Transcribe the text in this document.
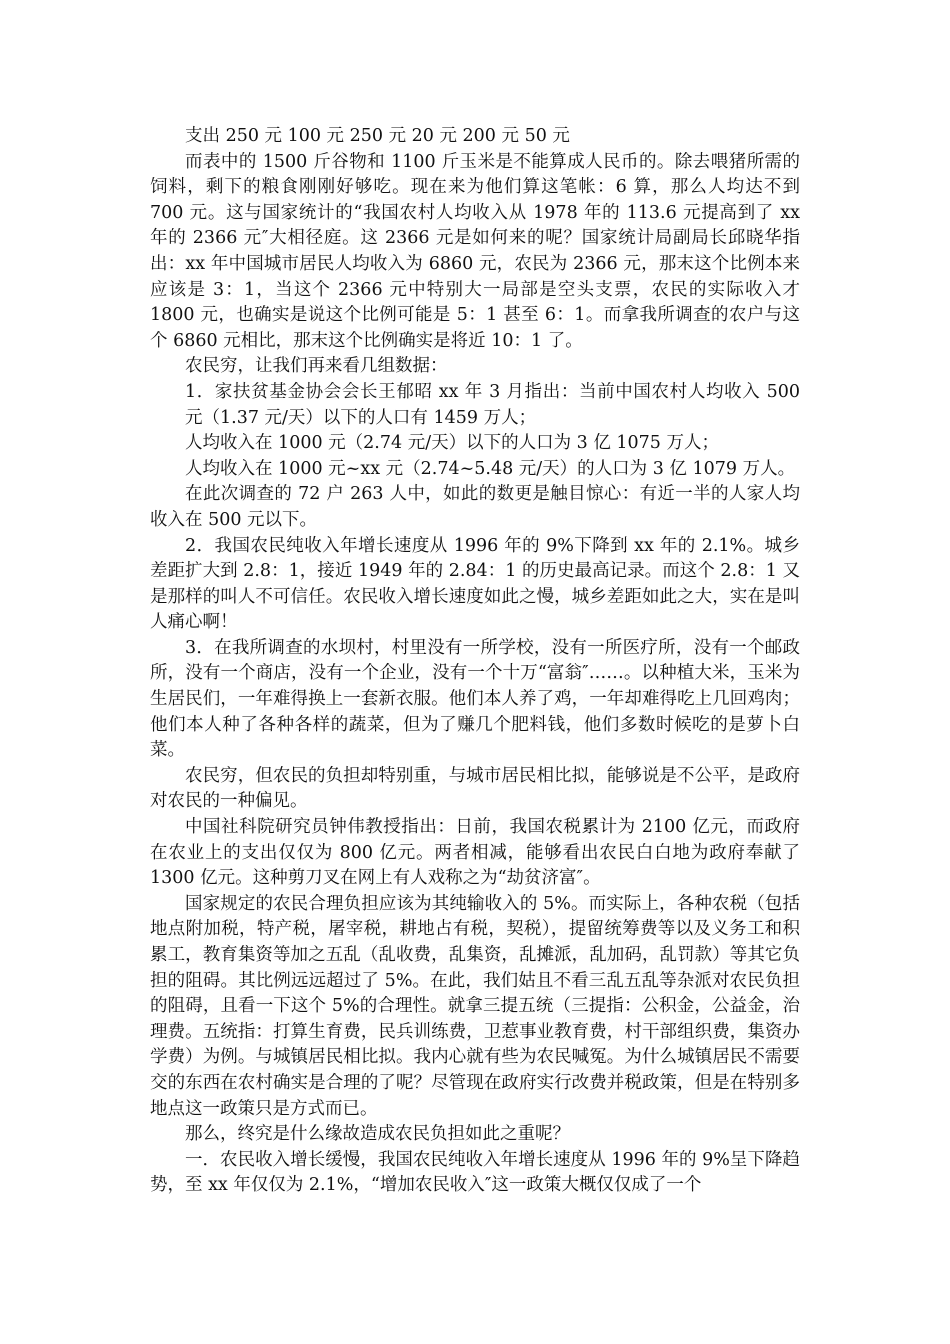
支出 250 元 100 元 250 元 20 元 200 元 50 元

而表中的 1500 斤谷物和 1100 斤玉米是不能算成人民币的。除去喂猪所需的饲料，剩下的粮食刚刚好够吃。现在来为他们算这笔帐：6 算，那么人均达不到 700 元。这与国家统计的“我国农村人均收入从 1978 年的 113.6 元提高到了 xx 年的 2366 元″大相径庭。这 2366 元是如何来的呢？国家统计局副局长邱晓华指出：xx 年中国城市居民人均收入为 6860 元，农民为 2366 元，那末这个比例本来应该是 3：1，当这个 2366 元中特别大一局部是空头支票，农民的实际收入才 1800 元，也确实是说这个比例可能是 5：1 甚至 6：1。而拿我所调查的农户与这个 6860 元相比，那末这个比例确实是将近 10：1 了。

农民穷，让我们再来看几组数据：

1．家扶贫基金协会会长王郁昭 xx 年 3 月指出：当前中国农村人均收入 500 元（1.37 元/天）以下的人口有 1459 万人；

人均收入在 1000 元（2.74 元/天）以下的人口为 3 亿 1075 万人；

人均收入在 1000 元~xx 元（2.74~5.48 元/天）的人口为 3 亿 1079 万人。

在此次调查的 72 户 263 人中，如此的数更是触目惊心：有近一半的人家人均收入在 500 元以下。

2．我国农民纯收入年增长速度从 1996 年的 9%下降到 xx 年的 2.1%。城乡差距扩大到 2.8：1，接近 1949 年的 2.84：1 的历史最高记录。而这个 2.8：1 又是那样的叫人不可信任。农民收入增长速度如此之慢，城乡差距如此之大，实在是叫人痛心啊！

3．在我所调查的水坝村，村里没有一所学校，没有一所医疗所，没有一个邮政所，没有一个商店，没有一个企业，没有一个十万“富翁″……。以种植大米，玉米为生居民们，一年难得换上一套新衣服。他们本人养了鸡，一年却难得吃上几回鸡肉；他们本人种了各种各样的蔬菜，但为了赚几个肥料钱，他们多数时候吃的是萝卜白菜。

农民穷，但农民的负担却特别重，与城市居民相比拟，能够说是不公平，是政府对农民的一种偏见。

中国社科院研究员钟伟教授指出：日前，我国农税累计为 2100 亿元，而政府在农业上的支出仅仅为 800 亿元。两者相减，能够看出农民白白地为政府奉献了 1300 亿元。这种剪刀叉在网上有人戏称之为“劫贫济富″。

国家规定的农民合理负担应该为其纯输收入的 5%。而实际上，各种农税（包括地点附加税，特产税，屠宰税，耕地占有税，契税），提留统筹费等以及义务工和积累工，教育集资等加之五乱（乱收费，乱集资，乱摊派，乱加码，乱罚款）等其它负担的阻碍。其比例远远超过了 5%。在此，我们姑且不看三乱五乱等杂派对农民负担的阻碍，且看一下这个 5%的合理性。就拿三提五统（三提指：公积金，公益金，治理费。五统指：打算生育费，民兵训练费，卫惹事业教育费，村干部组织费，集资办学费）为例。与城镇居民相比拟。我内心就有些为农民喊冤。为什么城镇居民不需要交的东西在农村确实是合理的了呢？尽管现在政府实行改费并税政策，但是在特别多地点这一政策只是方式而已。

那么，终究是什么缘故造成农民负担如此之重呢？

一．农民收入增长缓慢，我国农民纯收入年增长速度从 1996 年的 9%呈下降趋势，至 xx 年仅仅为 2.1%，“增加农民收入″这一政策大概仅仅成了一个
